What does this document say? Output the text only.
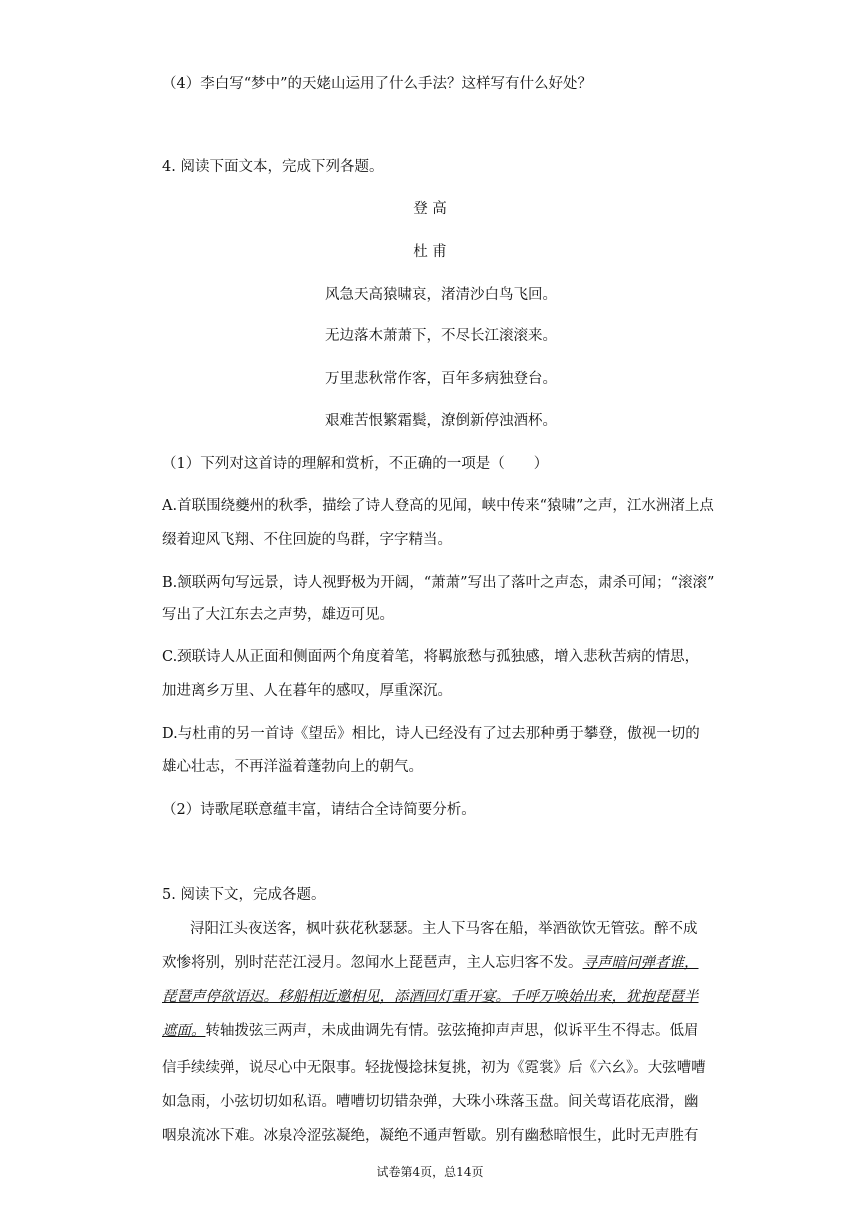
（4）李白写“梦中”的天姥山运用了什么手法？这样写有什么好处？
4. 阅读下面文本，完成下列各题。
登 高
杜 甫
风急天高猿啸哀，渚清沙白鸟飞回。
无边落木萧萧下，不尽长江滚滚来。
万里悲秋常作客，百年多病独登台。
艰难苦恨繁霜鬓，潦倒新停浊酒杯。
（1）下列对这首诗的理解和赏析，不正确的一项是（　　）
A.首联围绕夔州的秋季，描绘了诗人登高的见闻，峡中传来“猿啸”之声，江水洲渚上点
缀着迎风飞翔、不住回旋的鸟群，字字精当。
B.颔联两句写远景，诗人视野极为开阔，“萧萧”写出了落叶之声态，肃杀可闻；“滚滚”
写出了大江东去之声势，雄迈可见。
C.颈联诗人从正面和侧面两个角度着笔，将羁旅愁与孤独感，增入悲秋苦病的情思，
加进离乡万里、人在暮年的感叹，厚重深沉。
D.与杜甫的另一首诗《望岳》相比，诗人已经没有了过去那种勇于攀登，傲视一切的
雄心壮志，不再洋溢着蓬勃向上的朝气。
（2）诗歌尾联意蕴丰富，请结合全诗简要分析。
5. 阅读下文，完成各题。
浔阳江头夜送客，枫叶荻花秋瑟瑟。主人下马客在船，举酒欲饮无管弦。醉不成
欢惨将别，别时茫茫江浸月。忽闻水上琵琶声，主人忘归客不发。寻声暗问弹者谁，
琵琶声停欲语迟。移船相近邀相见，添酒回灯重开宴。千呼万唤始出来，犹抱琵琶半
遮面。转轴拨弦三两声，未成曲调先有情。弦弦掩抑声声思，似诉平生不得志。低眉
信手续续弹，说尽心中无限事。轻拢慢捻抹复挑，初为《霓裳》后《六幺》。大弦嘈嘈
如急雨，小弦切切如私语。嘈嘈切切错杂弹，大珠小珠落玉盘。间关莺语花底滑，幽
咽泉流冰下难。冰泉冷涩弦凝绝，凝绝不通声暂歇。别有幽愁暗恨生，此时无声胜有
试卷第4页，总14页
